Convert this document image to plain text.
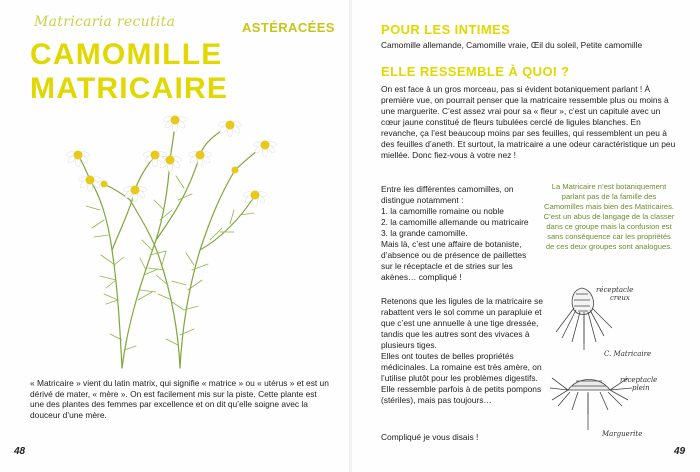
Matricaria recutita	ASTÉRACÉES
CAMOMILLE
MATRICAIRE
« Matricaire » vient du latin matrix, qui signifie « matrice » ou « utérus » et est un dérivé de mater, « mère ». On est facilement mis sur la piste. Cette plante est une des plantes des femmes par excellence et on dit qu’elle soigne avec la douceur d’une mère.
48
POUR LES INTIMES
Camomille allemande, Camomille vraie, Œil du soleil, Petite camomille
ELLE RESSEMBLE À QUOI ?
On est face à un gros morceau, pas si évident botaniquement parlant ! À première vue, on pourrait penser que la matricaire ressemble plus ou moins à une marguerite. C’est assez vrai pour sa « fleur », c’est un capitule avec un cœur jaune constitué de fleurs tubulées cerclé de ligules blanches. En revanche, ça l’est beaucoup moins par ses feuilles, qui ressemblent un peu à des feuilles d’aneth. Et surtout, la matricaire a une odeur caractéristique un peu miellée. Donc fiez-vous à votre nez !

Entre les différentes camomilles, on distingue notamment :

1. la camomille romaine ou noble

2. la camomille allemande ou matricaire

3. la grande camomille.

Mais là, c’est une affaire de botaniste, d’absence ou de présence de paillettes sur le réceptacle et de stries sur les akènes… compliqué !

La Matricaire n’est botaniquement parlant pas de la famille des Camomilles mais bien des Matricaires. C’est un abus de langage de la classer dans ce groupe mais la confusion est sans conséquence car les propriétés de ces deux groupes sont analogues.

Retenons que les ligules de la matricaire se rabattent vers le sol comme un parapluie et que c’est une annuelle à une tige dressée, tandis que les autres sont des vivaces à plusieurs tiges.

Elles ont toutes de belles propriétés médicinales. La romaine est très amère, on l’utilise plutôt pour les problèmes digestifs. Elle ressemble parfois à de petits pompons (stériles), mais pas toujours…

Compliqué je vous disais !
réceptacle
creux
C. Matricaire
réceptacle
plein
Marguerite
49
